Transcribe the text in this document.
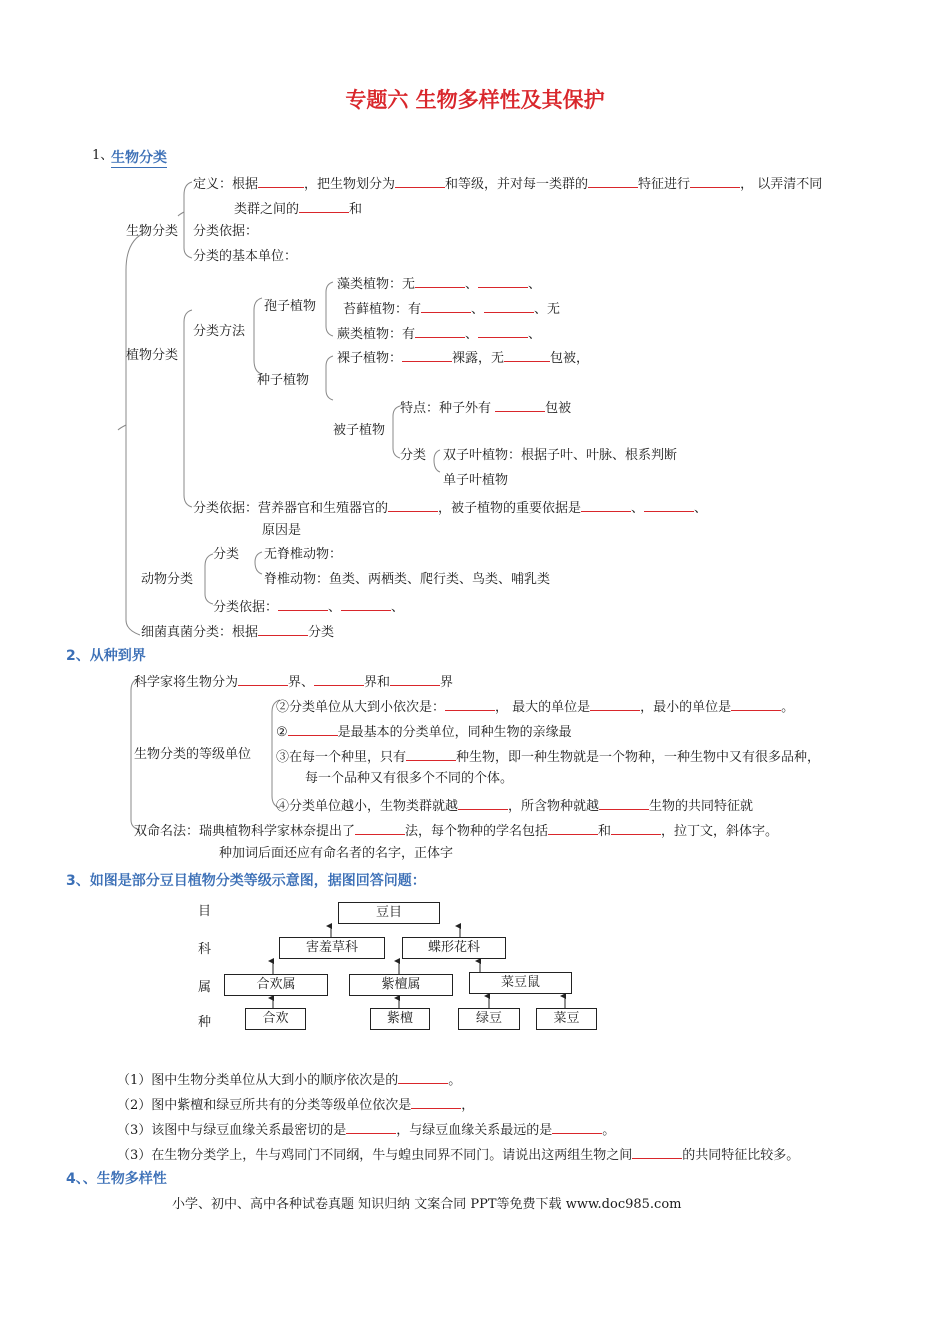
专题六 生物多样性及其保护
1、
生物分类
定义：根据	，把生物划分为	和等级，并对每一类群的	特征进行	， 以弄清不同
类群之间的	和
生物分类 分类依据：
分类的基本单位：
藻类植物：无	、	、
孢子植物 苔藓植物：有	、	、无
分类方法	蕨类植物：有	、	、
植物分类	裸子植物：	裸露，无	包被，
种子植物
特点：种子外有	包被
被子植物
分类 双子叶植物：根据子叶、叶脉、根系判断
单子叶植物
分类依据：营养器官和生殖器官的	，被子植物的重要依据是	、	、
原因是
分类 无脊椎动物：
动物分类	脊椎动物：鱼类、两栖类、爬行类、鸟类、哺乳类
分类依据：	、	、
细菌真菌分类：根据	分类
2、从种到界
科学家将生物分为	界、	界和	界
②分类单位从大到小依次是：	， 最大的单位是	，最小的单位是	。
②	是最基本的分类单位，同种生物的亲缘最
生物分类的等级单位 ③在每一个种里，只有	种生物，即一种生物就是一个物种，一种生物中又有很多品种，
每一个品种又有很多个不同的个体。
④分类单位越小，生物类群就越	，所含物种就越	生物的共同特征就
双命名法：瑞典植物科学家林奈提出了	法，每个物种的学名包括	和	，拉丁文，斜体字。
种加词后面还应有命名者的名字，正体字
3、如图是部分豆目植物分类等级示意图，据图回答问题：
目
科
属
种
豆目
害羞草科	蝶形花科
合欢属	紫檀属	菜豆鼠
合欢	紫檀	绿豆	菜豆
（1）图中生物分类单位从大到小的顺序依次是的	。
（2）图中紫檀和绿豆所共有的分类等级单位依次是	，
（3）该图中与绿豆血缘关系最密切的是	，与绿豆血缘关系最远的是	。
（3）在生物分类学上，牛与鸡同门不同纲，牛与蝗虫同界不同门。请说出这两组生物之间	的共同特征比较多。
4、、生物多样性
小学、初中、高中各种试卷真题 知识归纳 文案合同 PPT等免费下载 www.doc985.com
